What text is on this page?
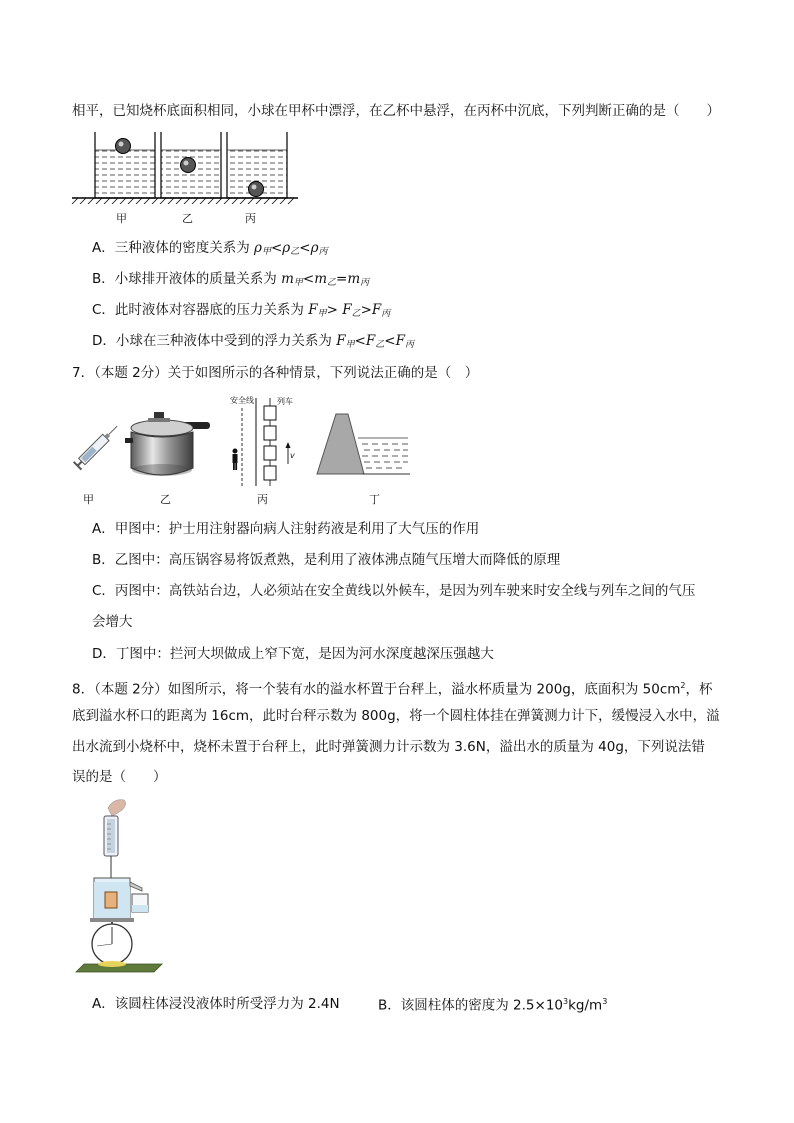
相平，已知烧杯底面积相同，小球在甲杯中漂浮，在乙杯中悬浮，在丙杯中沉底，下列判断正确的是（　　）
甲	乙	丙
A．三种液体的密度关系为 $\rho_甲<\rho_乙<\rho_丙$
B．小球排开液体的质量关系为 $m_甲<m_乙=m_丙$
C．此时液体对容器底的压力关系为 $F_甲> F_乙>F_丙$
D．小球在三种液体中受到的浮力关系为 $F_甲<F_乙<F_丙$
7．（本题 2分）关于如图所示的各种情景，下列说法正确的是（　）
安全线	列车
v
甲	乙	丙	丁
A．甲图中：护士用注射器向病人注射药液是利用了大气压的作用
B．乙图中：高压锅容易将饭煮熟，是利用了液体沸点随气压增大而降低的原理
C．丙图中：高铁站台边，人必须站在安全黄线以外候车，是因为列车驶来时安全线与列车之间的气压
会增大
D．丁图中：拦河大坝做成上窄下宽，是因为河水深度越深压强越大
8．（本题 2分）如图所示，将一个装有水的溢水杯置于台秤上，溢水杯质量为 200g，底面积为 $50cm^2$，杯
底到溢水杯口的距离为 16cm，此时台秤示数为 800g，将一个圆柱体挂在弹簧测力计下，缓慢浸入水中，溢
出水流到小烧杯中，烧杯未置于台秤上，此时弹簧测力计示数为 3.6N，溢出水的质量为 40g，下列说法错
误的是（　　）
A．该圆柱体浸没液体时所受浮力为 2.4N	B．该圆柱体的密度为 $2.5\times 10^3kg/m^3$
